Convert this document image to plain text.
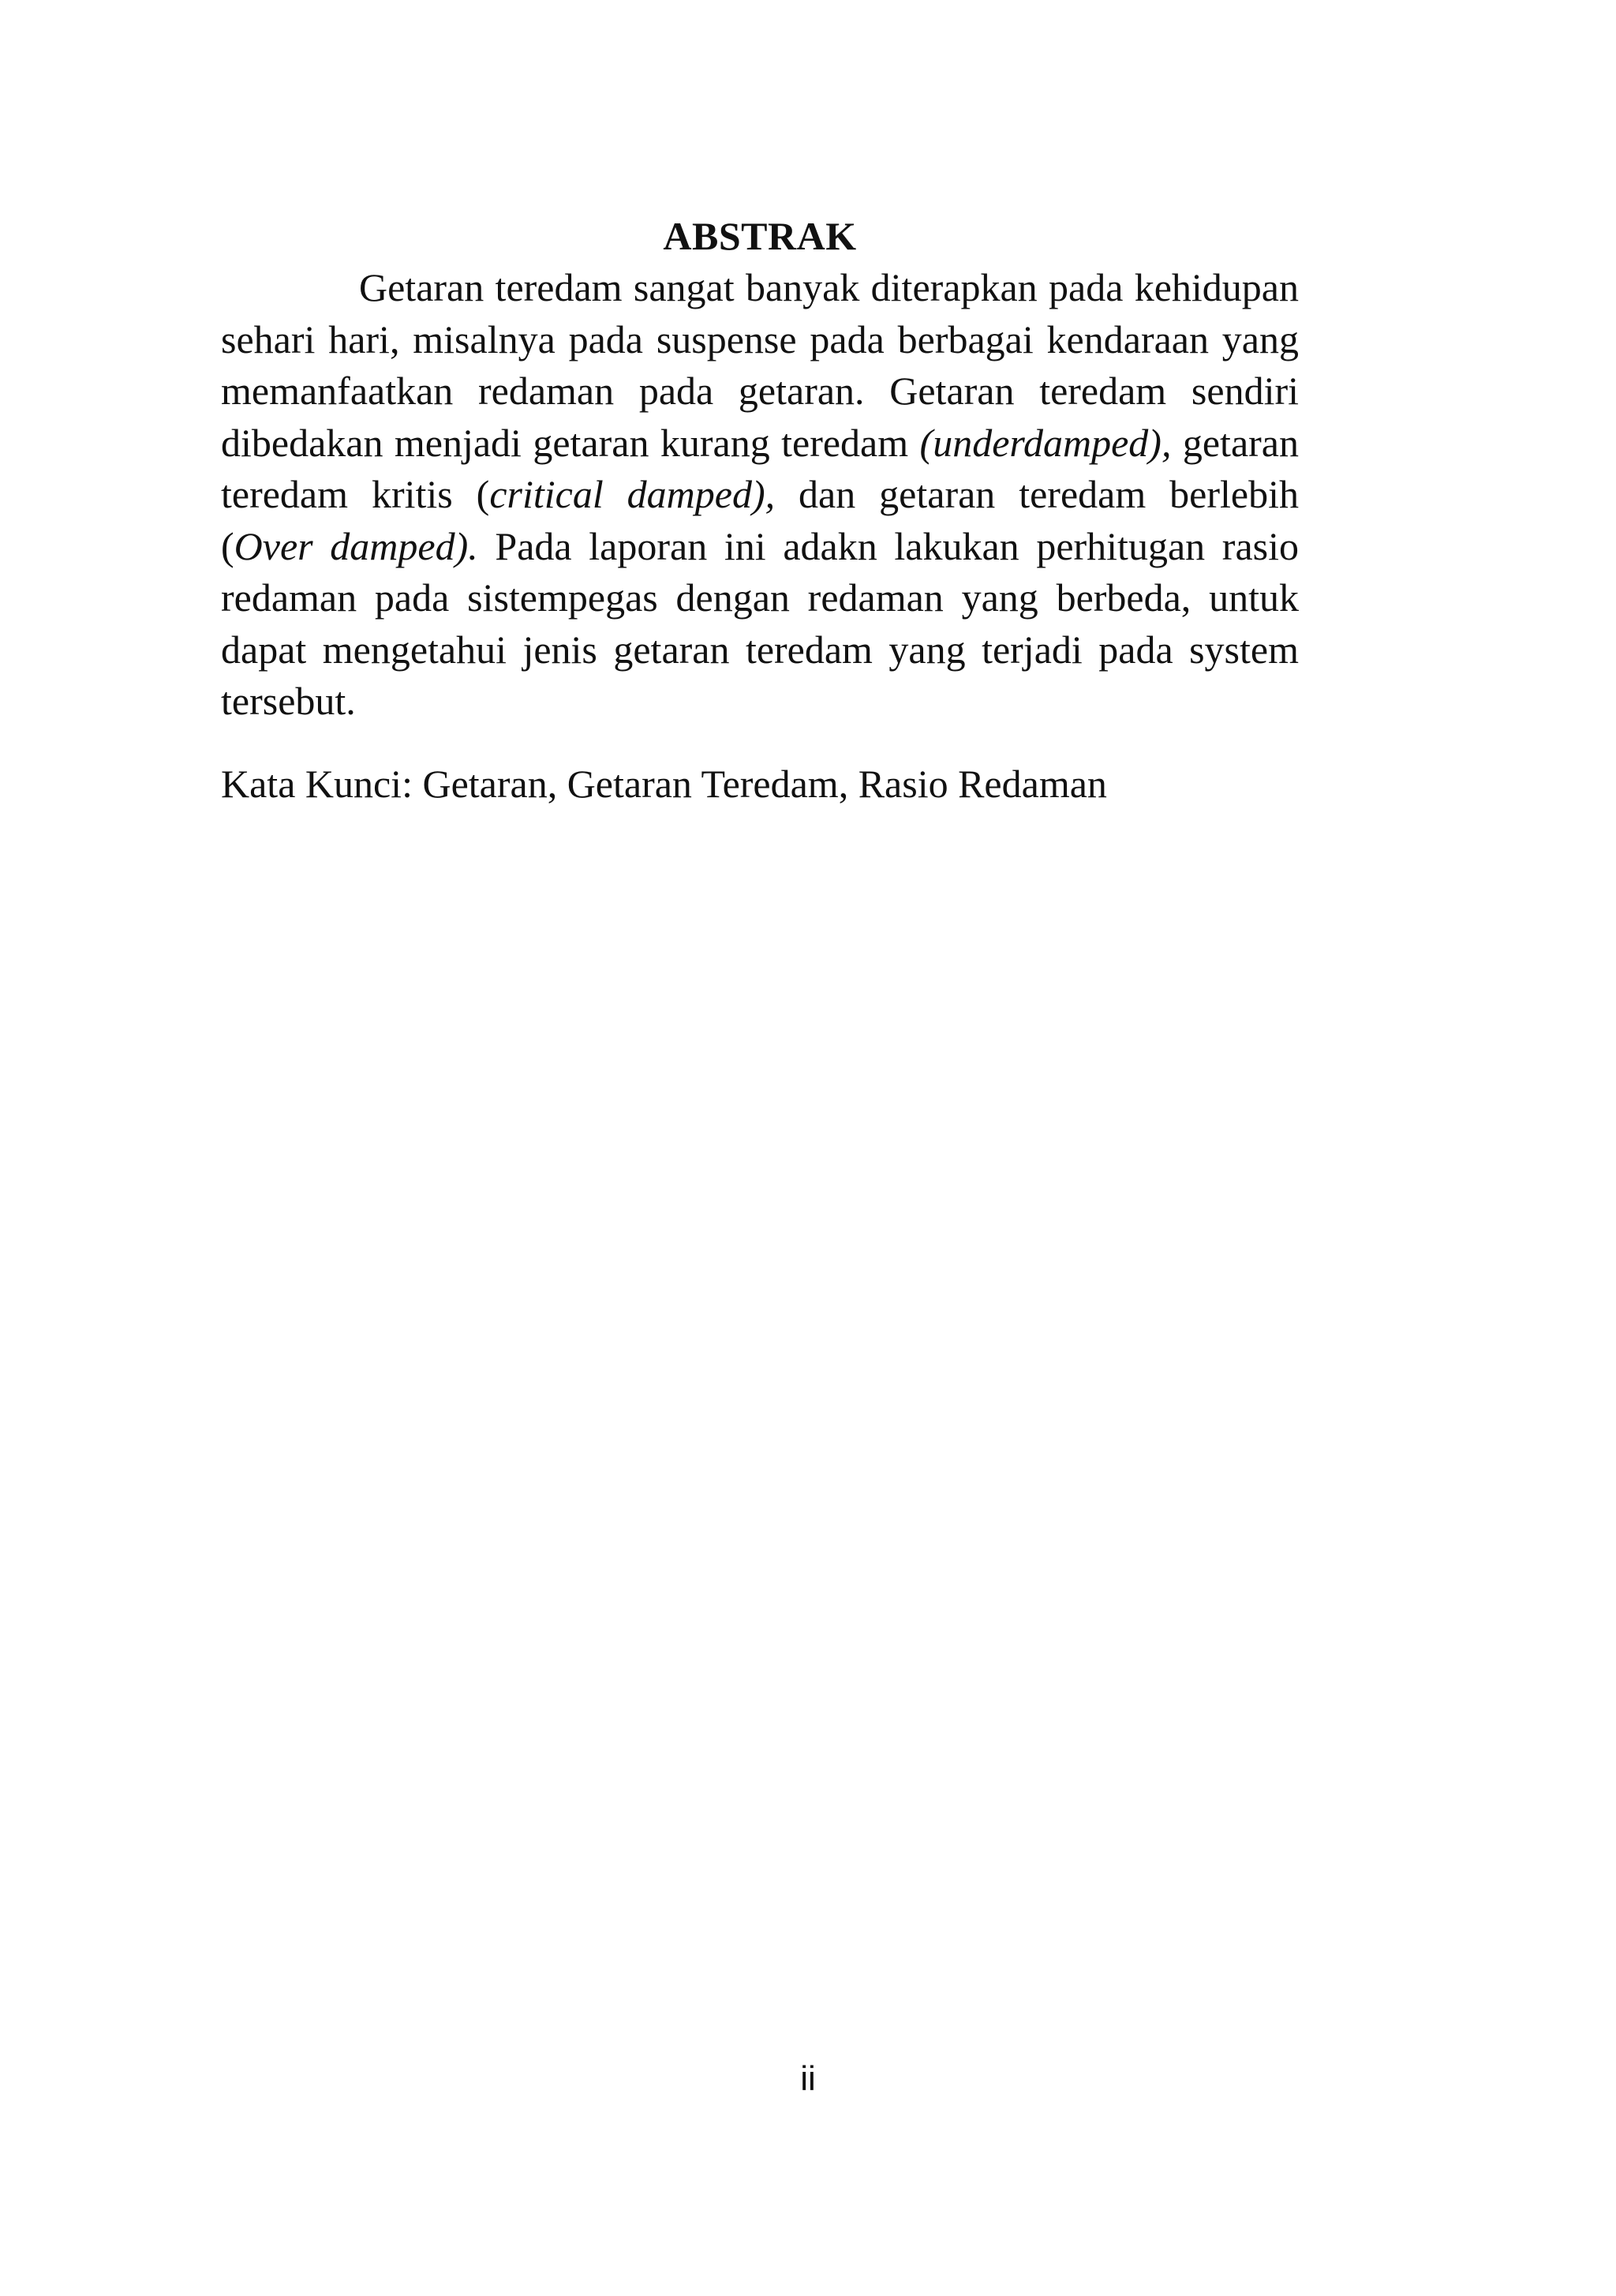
ABSTRAK

Getaran teredam sangat banyak diterapkan pada kehidupan sehari hari, misalnya pada suspense pada berbagai kendaraan yang memanfaatkan redaman pada getaran. Getaran teredam sendiri dibedakan menjadi getaran kurang teredam (underdamped), getaran teredam kritis (critical damped), dan getaran teredam berlebih (Over damped). Pada laporan ini adakn lakukan perhitugan rasio redaman pada sistempegas dengan redaman yang berbeda, untuk dapat mengetahui jenis getaran teredam yang terjadi pada system tersebut.

Kata Kunci: Getaran, Getaran Teredam, Rasio Redaman

ii
